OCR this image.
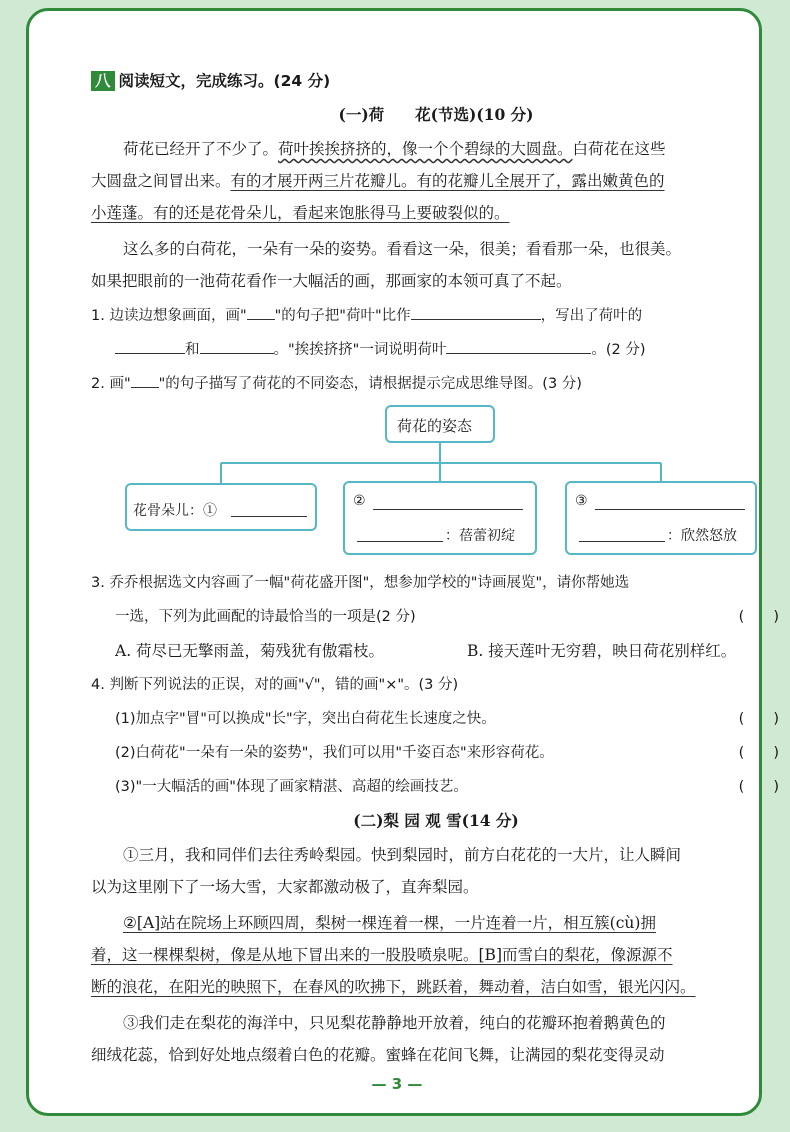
八 阅读短文，完成练习。(24 分)
(一)荷　　花(节选)(10 分)
荷花已经开了不少了。荷叶挨挨挤挤的，像一个个碧绿的大圆盘。白荷花在这些
大圆盘之间冒出来。有的才展开两三片花瓣儿。有的花瓣儿全展开了，露出嫩黄色的
小莲蓬。有的还是花骨朵儿，看起来饱胀得马上要破裂似的。
这么多的白荷花，一朵有一朵的姿势。看看这一朵，很美；看看那一朵，也很美。
如果把眼前的一池荷花看作一大幅活的画，那画家的本领可真了不起。
1. 边读边想象画面，画" "的句子把"荷叶"比作	，写出了荷叶的
和	。"挨挨挤挤"一词说明荷叶	。(2 分)
2. 画" "的句子描写了荷花的不同姿态，请根据提示完成思维导图。(3 分)
荷花的姿态
花骨朵儿：①
②
：蓓蕾初绽
③
：欣然怒放
3. 乔乔根据选文内容画了一幅"荷花盛开图"，想参加学校的"诗画展览"，请你帮她选
一选，下列为此画配的诗最恰当的一项是(2 分)	(　　)
A. 荷尽已无擎雨盖，菊残犹有傲霜枝。	B. 接天莲叶无穷碧，映日荷花别样红。
4. 判断下列说法的正误，对的画"√"，错的画"×"。(3 分)
(1)加点字"冒"可以换成"长"字，突出白荷花生长速度之快。	(　　)
(2)白荷花"一朵有一朵的姿势"，我们可以用"千姿百态"来形容荷花。	(　　)
(3)"一大幅活的画"体现了画家精湛、高超的绘画技艺。	(　　)
(二)梨 园 观 雪(14 分)
①三月，我和同伴们去往秀岭梨园。快到梨园时，前方白花花的一大片，让人瞬间
以为这里刚下了一场大雪，大家都激动极了，直奔梨园。
②[A]站在院场上环顾四周，梨树一棵连着一棵，一片连着一片，相互簇(cù)拥
着，这一棵棵梨树，像是从地下冒出来的一股股喷泉呢。[B]而雪白的梨花，像源源不
断的浪花，在阳光的映照下，在春风的吹拂下，跳跃着，舞动着，洁白如雪，银光闪闪。
③我们走在梨花的海洋中，只见梨花静静地开放着，纯白的花瓣环抱着鹅黄色的
细绒花蕊，恰到好处地点缀着白色的花瓣。蜜蜂在花间飞舞，让满园的梨花变得灵动
— 3 —
